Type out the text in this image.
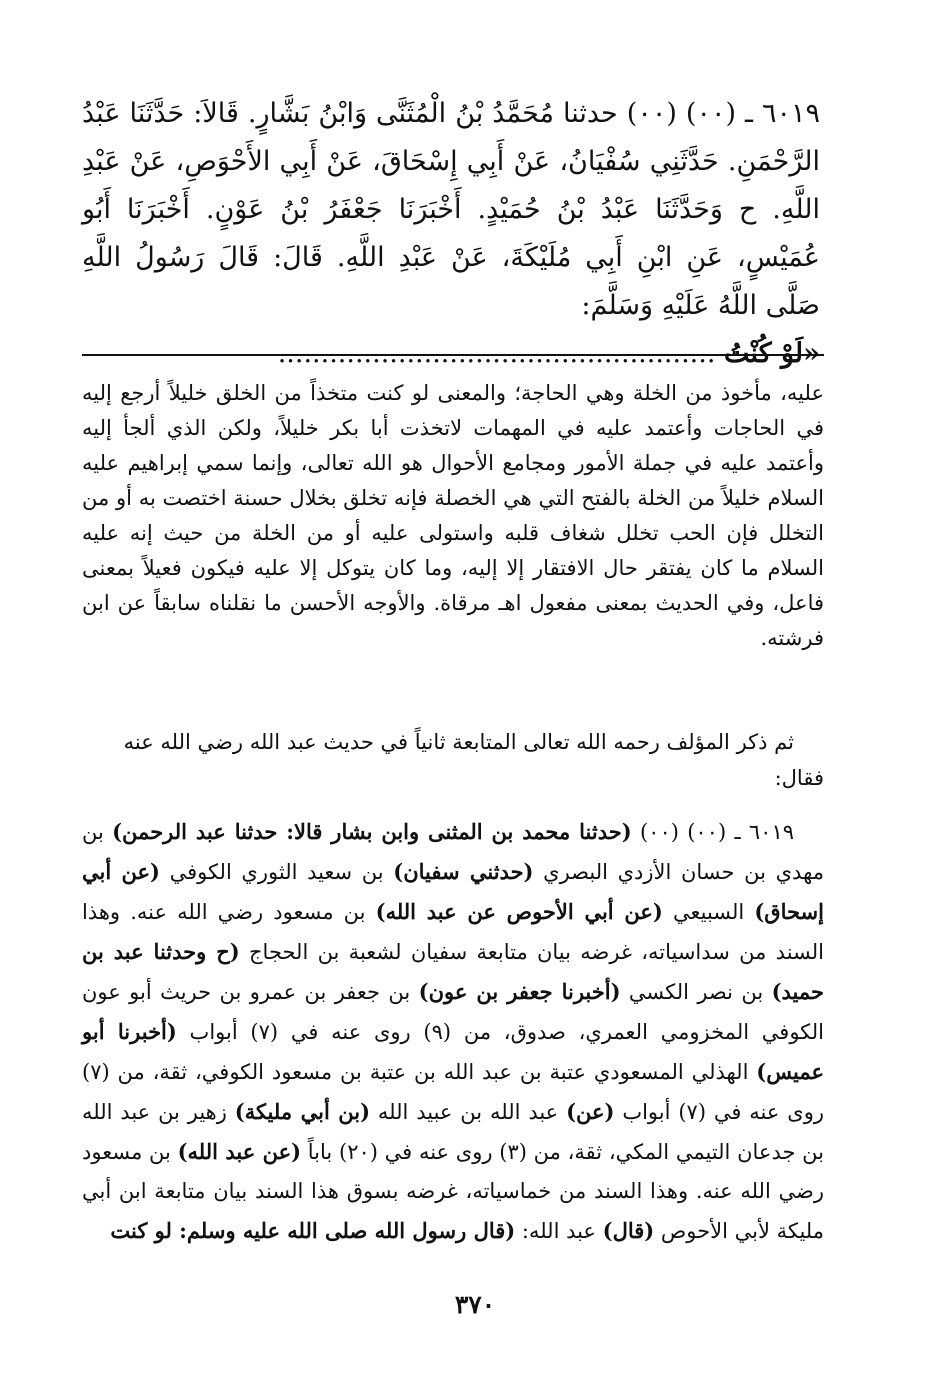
٦٠١٩ ـ (٠٠) (٠٠) حدثنا مُحَمَّدُ بْنُ الْمُثَنَّى وَابْنُ بَشَّارٍ. قَالاَ: حَدَّثَنَا عَبْدُ الرَّحْمَنِ. حَدَّثَنِي سُفْيَانُ، عَنْ أَبِي إِسْحَاقَ، عَنْ أَبِي الأَحْوَصِ، عَنْ عَبْدِ اللَّهِ. ح وَحَدَّثَنَا عَبْدُ بْنُ حُمَيْدٍ. أَخْبَرَنَا جَعْفَرُ بْنُ عَوْنٍ. أَخْبَرَنَا أَبُو عُمَيْسٍ، عَنِ ابْنِ أَبِي مُلَيْكَةَ، عَنْ عَبْدِ اللَّهِ. قَالَ: قَالَ رَسُولُ اللَّهِ صَلَّى اللَّهُ عَلَيْهِ وَسَلَّمَ:
«لَوْ كُنْتُ ...................................................

عليه، مأخوذ من الخلة وهي الحاجة؛ والمعنى لو كنت متخذاً من الخلق خليلاً أرجع إليه في الحاجات وأعتمد عليه في المهمات لاتخذت أبا بكر خليلاً، ولكن الذي ألجأ إليه وأعتمد عليه في جملة الأمور ومجامع الأحوال هو الله تعالى، وإنما سمي إبراهيم عليه السلام خليلاً من الخلة بالفتح التي هي الخصلة فإنه تخلق بخلال حسنة اختصت به أو من التخلل فإن الحب تخلل شغاف قلبه واستولى عليه أو من الخلة من حيث إنه عليه السلام ما كان يفتقر حال الافتقار إلا إليه، وما كان يتوكل إلا عليه فيكون فعيلاً بمعنى فاعل، وفي الحديث بمعنى مفعول اهـ مرقاة. والأوجه الأحسن ما نقلناه سابقاً عن ابن فرشته.

ثم ذكر المؤلف رحمه الله تعالى المتابعة ثانياً في حديث عبد الله رضي الله عنه فقال:

٦٠١٩ ـ (٠٠) (٠٠) (حدثنا محمد بن المثنى وابن بشار قالا: حدثنا عبد الرحمن) بن مهدي بن حسان الأزدي البصري (حدثني سفيان) بن سعيد الثوري الكوفي (عن أبي إسحاق) السبيعي (عن أبي الأحوص عن عبد الله) بن مسعود رضي الله عنه. وهذا السند من سداسياته، غرضه بيان متابعة سفيان لشعبة بن الحجاج (ح وحدثنا عبد بن حميد) بن نصر الكسي (أخبرنا جعفر بن عون) بن جعفر بن عمرو بن حريث أبو عون الكوفي المخزومي العمري، صدوق، من (٩) روى عنه في (٧) أبواب (أخبرنا أبو عميس) الهذلي المسعودي عتبة بن عبد الله بن عتبة بن مسعود الكوفي، ثقة، من (٧) روى عنه في (٧) أبواب (عن) عبد الله بن عبيد الله (بن أبي مليكة) زهير بن عبد الله بن جدعان التيمي المكي، ثقة، من (٣) روى عنه في (٢٠) باباً (عن عبد الله) بن مسعود رضي الله عنه. وهذا السند من خماسياته، غرضه بسوق هذا السند بيان متابعة ابن أبي مليكة لأبي الأحوص (قال) عبد الله: (قال رسول الله صلى الله عليه وسلم: لو كنت

٣٧٠
